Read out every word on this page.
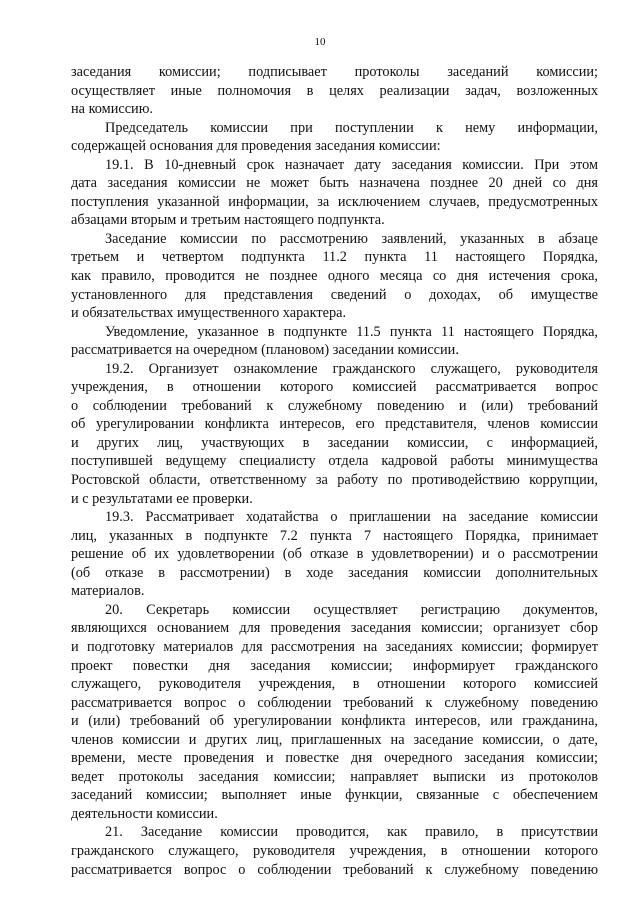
10
заседания комиссии; подписывает протоколы заседаний комиссии;
осуществляет иные полномочия в целях реализации задач, возложенных
на комиссию.
Председатель комиссии при поступлении к нему информации,
содержащей основания для проведения заседания комиссии:
19.1. В 10-дневный срок назначает дату заседания комиссии. При этом
дата заседания комиссии не может быть назначена позднее 20 дней со дня
поступления указанной информации, за исключением случаев, предусмотренных
абзацами вторым и третьим настоящего подпункта.
Заседание комиссии по рассмотрению заявлений, указанных в абзаце
третьем и четвертом подпункта 11.2 пункта 11 настоящего Порядка,
как правило, проводится не позднее одного месяца со дня истечения срока,
установленного для представления сведений о доходах, об имуществе
и обязательствах имущественного характера.
Уведомление, указанное в подпункте 11.5 пункта 11 настоящего Порядка,
рассматривается на очередном (плановом) заседании комиссии.
19.2. Организует ознакомление гражданского служащего, руководителя
учреждения, в отношении которого комиссией рассматривается вопрос
о соблюдении требований к служебному поведению и (или) требований
об урегулировании конфликта интересов, его представителя, членов комиссии
и других лиц, участвующих в заседании комиссии, с информацией,
поступившей ведущему специалисту отдела кадровой работы минимущества
Ростовской области, ответственному за работу по противодействию коррупции,
и с результатами ее проверки.
19.3. Рассматривает ходатайства о приглашении на заседание комиссии
лиц, указанных в подпункте 7.2 пункта 7 настоящего Порядка, принимает
решение об их удовлетворении (об отказе в удовлетворении) и о рассмотрении
(об отказе в рассмотрении) в ходе заседания комиссии дополнительных
материалов.
20. Секретарь комиссии осуществляет регистрацию документов,
являющихся основанием для проведения заседания комиссии; организует сбор
и подготовку материалов для рассмотрения на заседаниях комиссии; формирует
проект повестки дня заседания комиссии; информирует гражданского
служащего, руководителя учреждения, в отношении которого комиссией
рассматривается вопрос о соблюдении требований к служебному поведению
и (или) требований об урегулировании конфликта интересов, или гражданина,
членов комиссии и других лиц, приглашенных на заседание комиссии, о дате,
времени, месте проведения и повестке дня очередного заседания комиссии;
ведет протоколы заседания комиссии; направляет выписки из протоколов
заседаний комиссии; выполняет иные функции, связанные с обеспечением
деятельности комиссии.
21. Заседание комиссии проводится, как правило, в присутствии
гражданского служащего, руководителя учреждения, в отношении которого
рассматривается вопрос о соблюдении требований к служебному поведению
